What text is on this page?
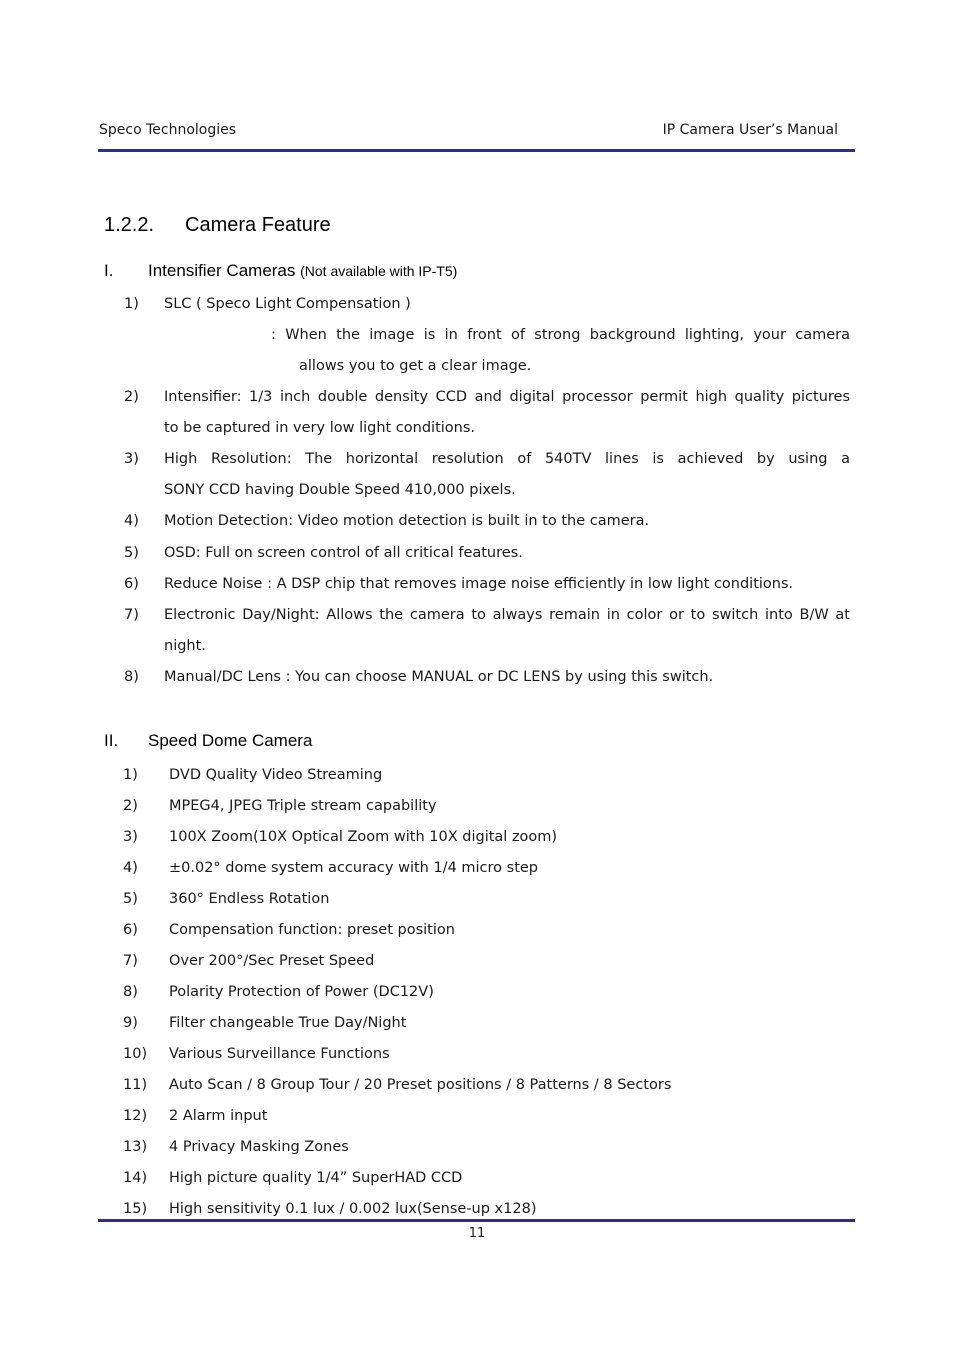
Speco Technologies	IP Camera User’s Manual
1.2.2. Camera Feature
I. Intensifier Cameras (Not available with IP-T5)
1) SLC ( Speco Light Compensation )
: When the image is in front of strong background lighting, your camera
allows you to get a clear image.
2) Intensifier: 1/3 inch double density CCD and digital processor permit high quality pictures
to be captured in very low light conditions.
3) High Resolution: The horizontal resolution of 540TV lines is achieved by using a
SONY CCD having Double Speed 410,000 pixels.
4) Motion Detection: Video motion detection is built in to the camera.
5) OSD: Full on screen control of all critical features.
6) Reduce Noise : A DSP chip that removes image noise efficiently in low light conditions.
7) Electronic Day/Night: Allows the camera to always remain in color or to switch into B/W at
night.
8) Manual/DC Lens : You can choose MANUAL or DC LENS by using this switch.
II. Speed Dome Camera
1) DVD Quality Video Streaming
2) MPEG4, JPEG Triple stream capability
3) 100X Zoom(10X Optical Zoom with 10X digital zoom)
4) ±0.02° dome system accuracy with 1/4 micro step
5) 360° Endless Rotation
6) Compensation function: preset position
7) Over 200°/Sec Preset Speed
8) Polarity Protection of Power (DC12V)
9) Filter changeable True Day/Night
10) Various Surveillance Functions
11) Auto Scan / 8 Group Tour / 20 Preset positions / 8 Patterns / 8 Sectors
12) 2 Alarm input
13) 4 Privacy Masking Zones
14) High picture quality 1/4” SuperHAD CCD
15) High sensitivity 0.1 lux / 0.002 lux(Sense-up x128)
11
